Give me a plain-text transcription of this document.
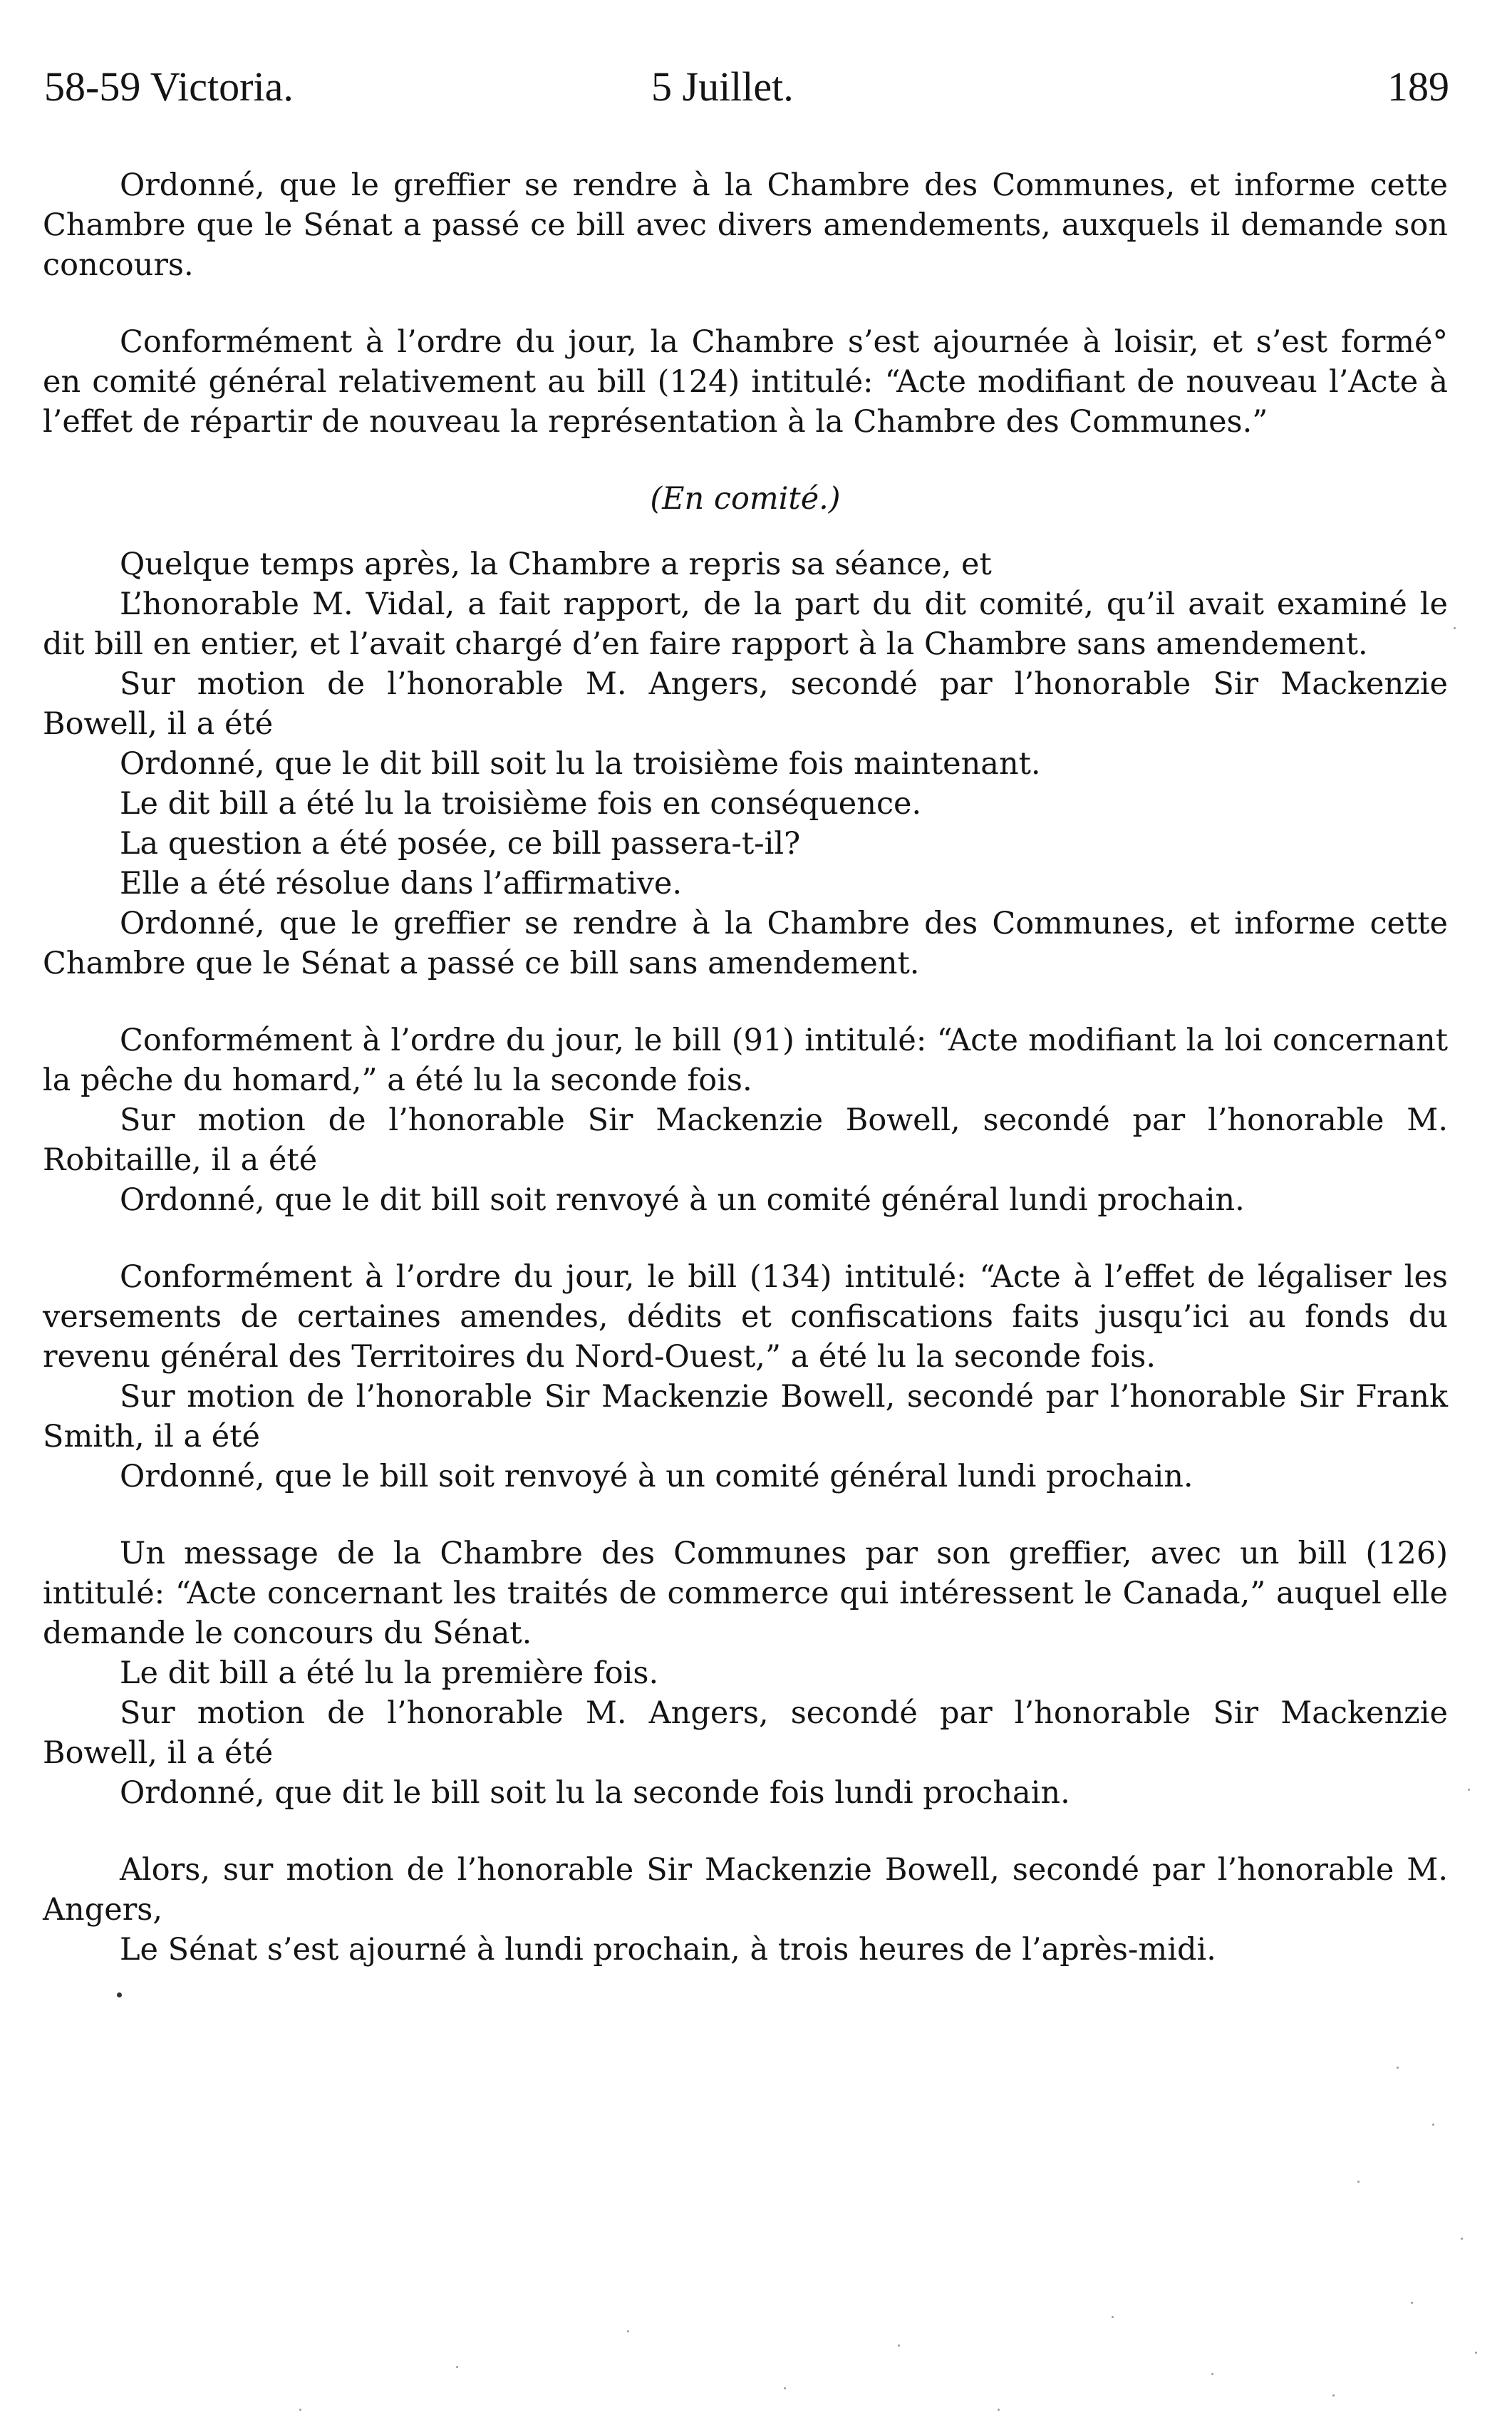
58-59 Victoria.	5 Juillet.	189

Ordonné, que le greffier se rendre à la Chambre des Communes, et informe cette Chambre que le Sénat a passé ce bill avec divers amendements, auxquels il demande son concours.

Conformément à l’ordre du jour, la Chambre s’est ajournée à loisir, et s’est formé° en comité général relativement au bill (124) intitulé: “Acte modifiant de nouveau l’Acte à l’effet de répartir de nouveau la représentation à la Chambre des Communes.”

(En comité.)

Quelque temps après, la Chambre a repris sa séance, et

L’honorable M. Vidal, a fait rapport, de la part du dit comité, qu’il avait examiné le dit bill en entier, et l’avait chargé d’en faire rapport à la Chambre sans amendement.

Sur motion de l’honorable M. Angers, secondé par l’honorable Sir Mackenzie Bowell, il a été

Ordonné, que le dit bill soit lu la troisième fois maintenant.

Le dit bill a été lu la troisième fois en conséquence.

La question a été posée, ce bill passera-t-il?

Elle a été résolue dans l’affirmative.

Ordonné, que le greffier se rendre à la Chambre des Communes, et informe cette Chambre que le Sénat a passé ce bill sans amendement.

Conformément à l’ordre du jour, le bill (91) intitulé: “Acte modifiant la loi concernant la pêche du homard,” a été lu la seconde fois.

Sur motion de l’honorable Sir Mackenzie Bowell, secondé par l’honorable M. Robitaille, il a été

Ordonné, que le dit bill soit renvoyé à un comité général lundi prochain.

Conformément à l’ordre du jour, le bill (134) intitulé: “Acte à l’effet de légaliser les versements de certaines amendes, dédits et confiscations faits jusqu’ici au fonds du revenu général des Territoires du Nord-Ouest,” a été lu la seconde fois.

Sur motion de l’honorable Sir Mackenzie Bowell, secondé par l’honorable Sir Frank Smith, il a été

Ordonné, que le bill soit renvoyé à un comité général lundi prochain.

Un message de la Chambre des Communes par son greffier, avec un bill (126) intitulé: “Acte concernant les traités de commerce qui intéressent le Canada,” auquel elle demande le concours du Sénat.

Le dit bill a été lu la première fois.

Sur motion de l’honorable M. Angers, secondé par l’honorable Sir Mackenzie Bowell, il a été

Ordonné, que dit le bill soit lu la seconde fois lundi prochain.

Alors, sur motion de l’honorable Sir Mackenzie Bowell, secondé par l’honorable M. Angers,

Le Sénat s’est ajourné à lundi prochain, à trois heures de l’après-midi.
